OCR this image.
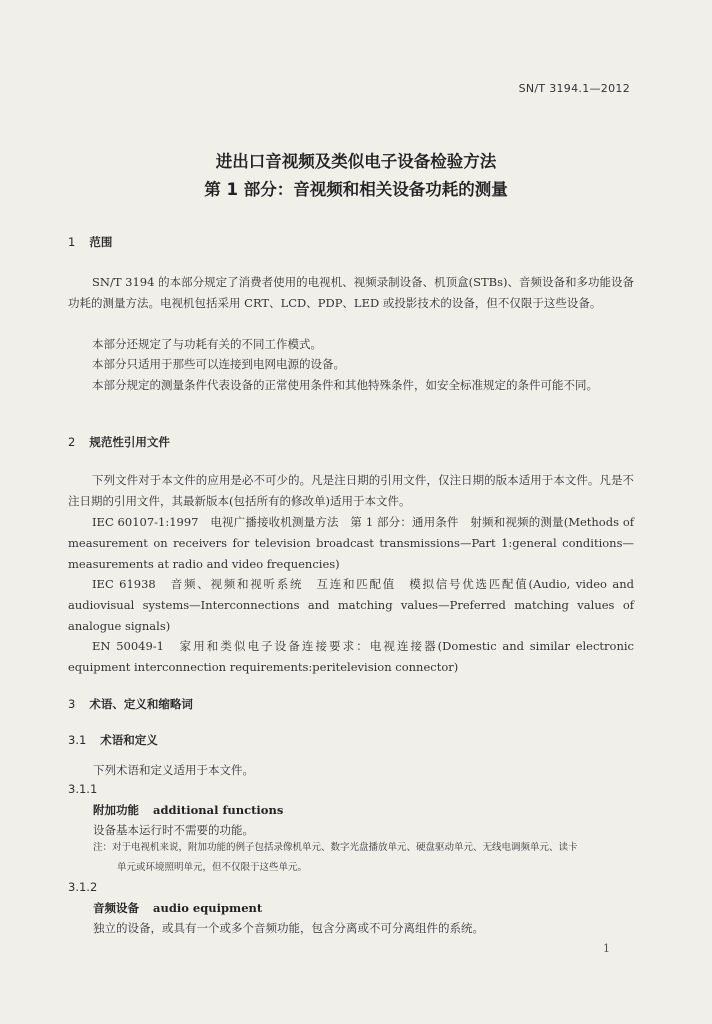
SN/T 3194.1—2012
进出口音视频及类似电子设备检验方法
第 1 部分：音视频和相关设备功耗的测量
1 范围
SN/T 3194 的本部分规定了消费者使用的电视机、视频录制设备、机顶盒(STBs)、音频设备和多功能设备功耗的测量方法。电视机包括采用 CRT、LCD、PDP、LED 或投影技术的设备，但不仅限于这些设备。
本部分还规定了与功耗有关的不同工作模式。
本部分只适用于那些可以连接到电网电源的设备。
本部分规定的测量条件代表设备的正常使用条件和其他特殊条件，如安全标准规定的条件可能不同。
2 规范性引用文件
下列文件对于本文件的应用是必不可少的。凡是注日期的引用文件，仅注日期的版本适用于本文件。凡是不注日期的引用文件，其最新版本(包括所有的修改单)适用于本文件。
IEC 60107-1:1997　电视广播接收机测量方法　第 1 部分：通用条件　射频和视频的测量(Methods of measurement on receivers for television broadcast transmissions—Part 1:general conditions—measurements at radio and video frequencies)
IEC 61938　音频、视频和视听系统　互连和匹配值　模拟信号优选匹配值(Audio, video and audiovisual systems—Interconnections and matching values—Preferred matching values of analogue signals)
EN 50049-1　家用和类似电子设备连接要求：电视连接器(Domestic and similar electronic equipment interconnection requirements:peritelevision connector)
3 术语、定义和缩略词
3.1 术语和定义
下列术语和定义适用于本文件。
3.1.1
附加功能 additional functions
设备基本运行时不需要的功能。
注：对于电视机来说，附加功能的例子包括录像机单元、数字光盘播放单元、硬盘驱动单元、无线电调频单元、读卡
单元或环境照明单元，但不仅限于这些单元。
3.1.2
音频设备 audio equipment
独立的设备，或具有一个或多个音频功能，包含分离或不可分离组件的系统。
1
